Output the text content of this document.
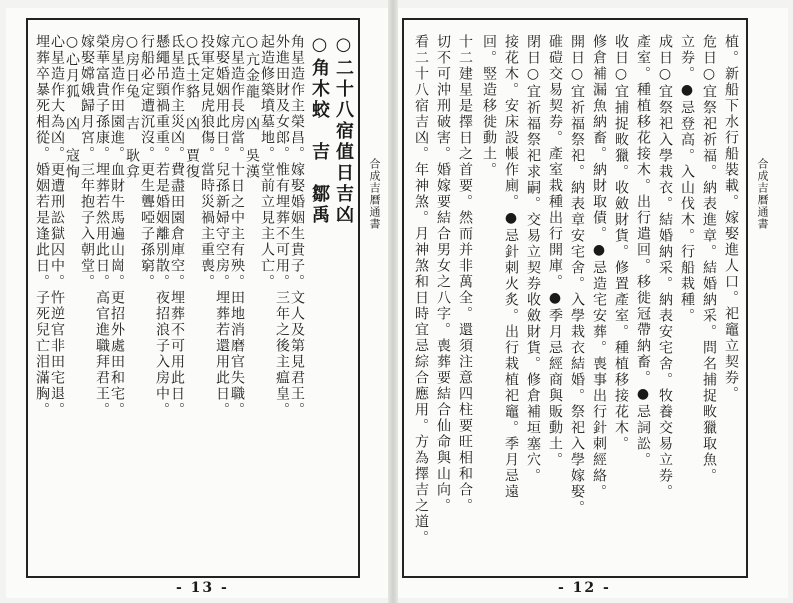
○二十八宿值日吉凶
○角木蛟　吉　鄒禹
角星造作主榮昌。嫁娶婚姻生貴子。文人及第見君王。
外進田財及女郎。惟有埋葬不可用。三年之後主瘟皇。
起造修築墳墓地。堂前立見主人亡。
○亢金龍　凶　吳漢
亢星造作長房當。十日之中主有殃。田地消磨官失職。
嫁娶婚姻用此日。兒孫新婦守空房。埋葬若還用此日。
投軍定見虎狼傷。當時災禍主重喪。
○氐土貉　凶　賈復
氐星造作主災凶。費盡田園倉庫空。埋葬不可用此日。
懸繩吊頸禍重重。若是婚姻離別散。夜招浪子入房中。
行船必定遭沉沒。更生聾啞子孫窮。
○房日兔　吉　耿弇
房星造作田園進。血財牛馬遍山崗。更招外處田和宅。
榮華富貴子孫康。埋葬若然用此日。高官進職拜君王。
嫁娶嫦娥歸月宮。三年抱子入朝堂。
○心月狐　凶　寇恂
心星造作大為凶。更遭刑訟獄囚中。忤逆官非田宅退。
埋葬卒暴死相從。婚姻若是逢此日。子死兒亡泪滿胸。	合成吉曆通書
- 13 -
植。新船下水行船裝載。嫁娶進人口。祀竈立契券。
危日○宜祭祀祈福。納表進章。結婚納采。問名捕捉畋獵取魚。
立券。●忌登高。入山伐木。行船栽種。
成日○宜祭祀入學栽衣。結婚納采。納表安宅舍。牧養交易立券。
產室。種植移花接木。出行遣回。移徙冠帶納畜。●忌詞訟。
收日○宜捕捉畋獵。收斂財貨。修置產室。種植移接花木。
修倉補漏魚納畜。納財取債。●忌造宅安葬。喪事出行針刺經絡。
開日○宜祈福祭祀。納表章安宅舍。入學栽衣結婚。祭祀入學嫁娶。
碓磑交易契券。產室栽種出行開庫。●季月忌經商與販動土。
閉日○宜祈福祭祀求嗣。交易立契券收斂財貨。修倉補垣塞穴。
接花木。安床設帳作廁。●忌針刺火炙。出行栽植祀竈。季月忌遠
回。竪造移徙動土。
十二建星是擇日之首要。然而并非萬全。還須注意四柱要旺相和合。
切不可沖刑破害。婚嫁要結合男女之八字。喪葬要結合仙命與山向。
看二十八宿吉凶。年神煞。月神煞和日時宜忌綜合應用。方為擇吉之道。	合成吉曆通書
- 12 -
